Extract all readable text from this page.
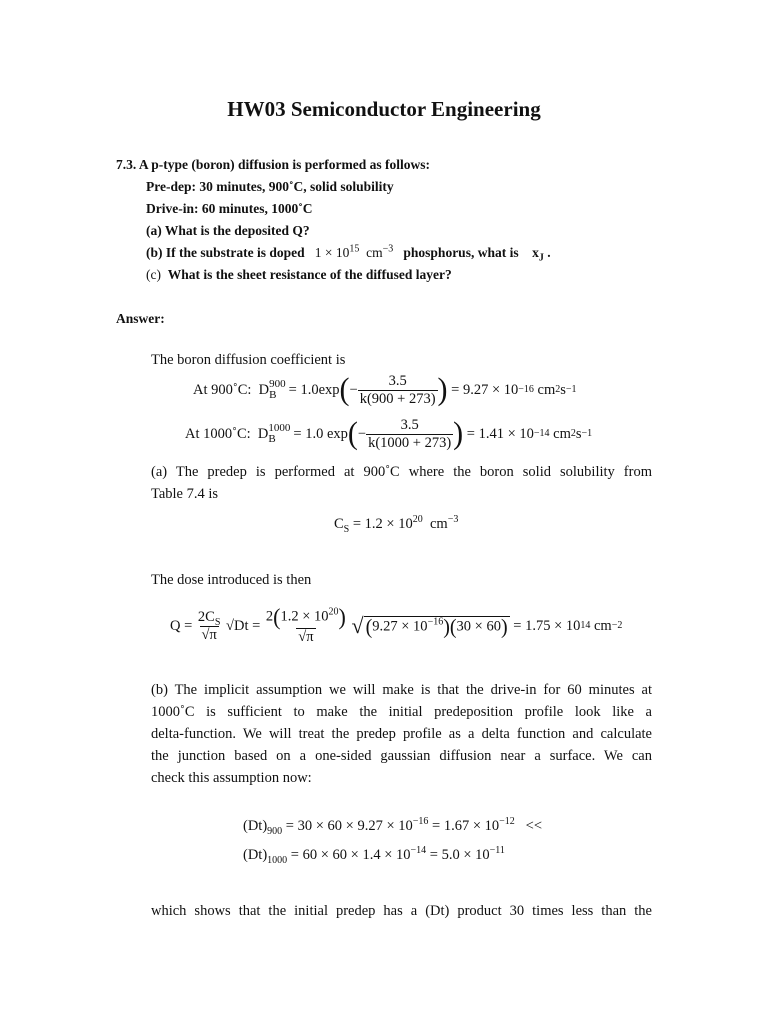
HW03 Semiconductor Engineering
7.3. A p-type (boron) diffusion is performed as follows:
Pre-dep: 30 minutes, 900˚C, solid solubility
Drive-in: 60 minutes, 1000˚C
(a) What is the deposited Q?
(b) If the substrate is doped $1 \times 10^{15}$ $cm^{-3}$ phosphorus, what is $x_J$ .
(c) What is the sheet resistance of the diffused layer?
Answer:
The boron diffusion coefficient is
At 900˚C:
D 900
B = 1.0exp ( − $\frac{3.5}{k(900 + 273)}$ )
= 9.27 × 10 −16
cm 2 s −1
At 1000˚C:
D 1000
B	= 1.0 exp ( − $\frac{3.5}{k(1000 + 273)}$ )
= 1.41 × 10 −14
cm 2 s −1
(a) The predep is performed at 900˚C where the boron solid solubility from
Table 7.4 is
$C_S = 1.2 \times 10^{20}$ $cm^{-3}$
The dose introduced is then
Q =
$\frac{2C_S}{√\pi}$
√Dt =
$\frac{2(1.2 \times 10^{20})}{√\pi}$
√ $(9.27 \times 10^{-16})(30 \times 60)$
= 1.75 × 10 14
cm −2
(b) The implicit assumption we will make is that the drive-in for 60 minutes at
1000˚C is sufficient to make the initial predeposition profile look like a
delta-function. We will treat the predep profile as a delta function and calculate
the junction based on a one-sided gaussian diffusion near a surface. We can
check this assumption now:
$(Dt)_{900} = 30 \times 60 \times 9.27 \times 10^{-16} = 1.67 \times 10^{-12}$ <<
$(Dt)_{1000} = 60 \times 60 \times 1.4 \times 10^{-14} = 5.0 \times 10^{-11}$
which shows that the initial predep has a (Dt) product 30 times less than the
